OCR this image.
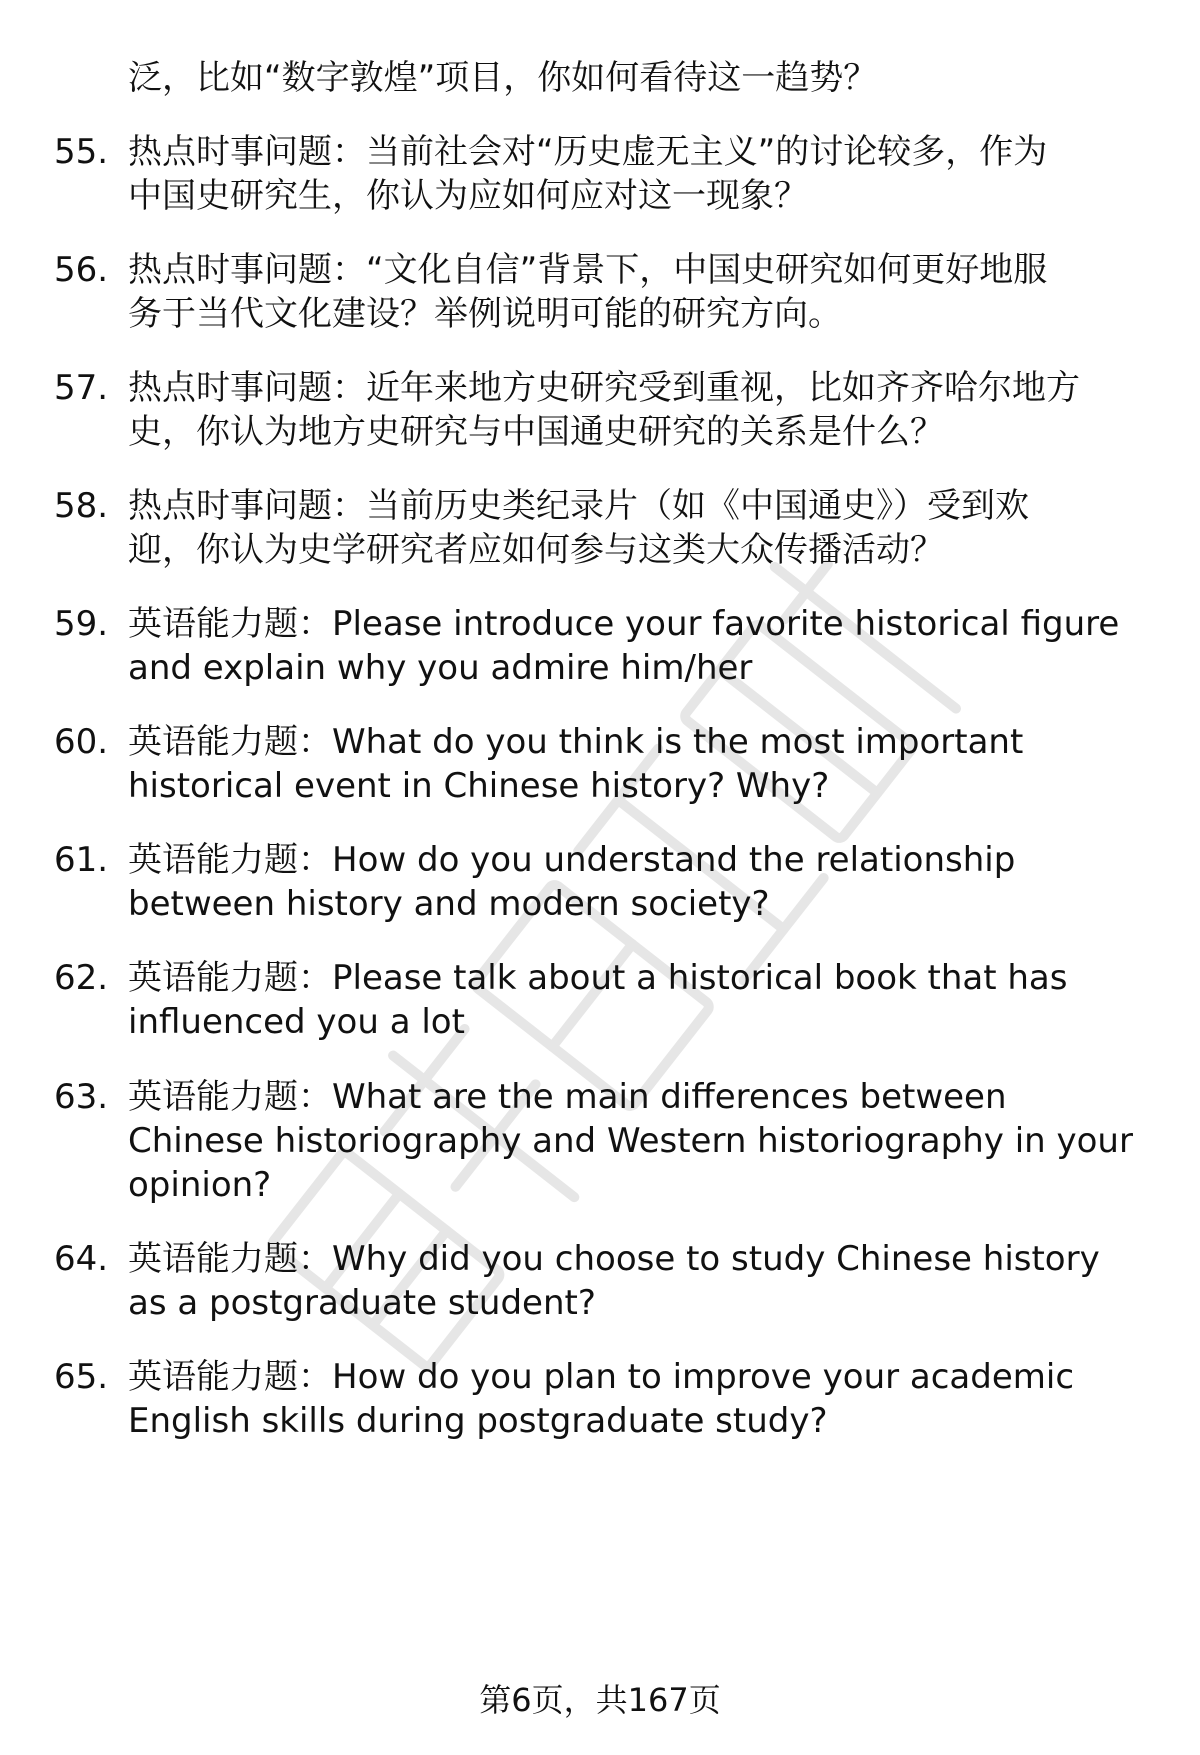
泛，比如“数字敦煌”项目，你如何看待这一趋势？
55. 热点时事问题：当前社会对“历史虚无主义”的讨论较多，作为
中国史研究生，你认为应如何应对这一现象？
56. 热点时事问题：“文化自信”背景下，中国史研究如何更好地服
务于当代文化建设？举例说明可能的研究方向。
57. 热点时事问题：近年来地方史研究受到重视，比如齐齐哈尔地方
史，你认为地方史研究与中国通史研究的关系是什么？
58. 热点时事问题：当前历史类纪录片（如《中国通史》）受到欢
迎，你认为史学研究者应如何参与这类大众传播活动？
59. 英语能力题：Please introduce your favorite historical figure
and explain why you admire him/her
60. 英语能力题：What do you think is the most important
historical event in Chinese history? Why?
61. 英语能力题：How do you understand the relationship
between history and modern society?
62. 英语能力题：Please talk about a historical book that has
influenced you a lot
63. 英语能力题：What are the main differences between
Chinese historiography and Western historiography in your
opinion?
64. 英语能力题：Why did you choose to study Chinese history
as a postgraduate student?
65. 英语能力题：How do you plan to improve your academic
English skills during postgraduate study?
第6页，共167页
